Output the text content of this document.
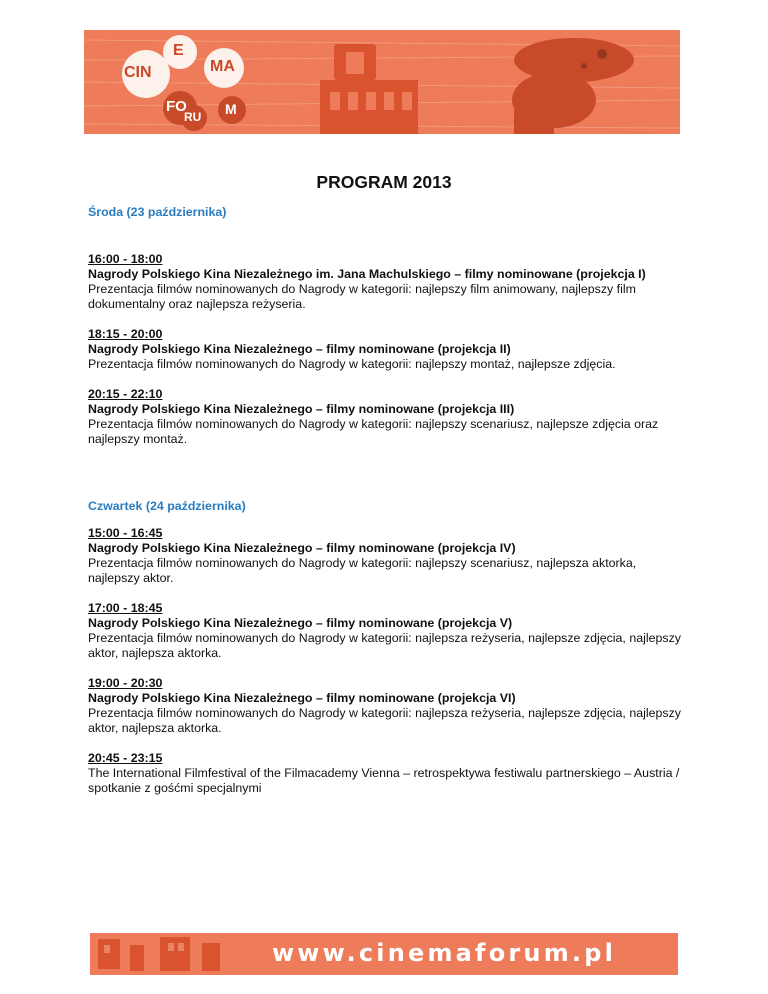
CIN
E
MA
FO
RU M
PROGRAM 2013

Środa (23 października)

16:00 - 18:00
Nagrody Polskiego Kina Niezależnego im. Jana Machulskiego – filmy nominowane (projekcja I)
Prezentacja filmów nominowanych do Nagrody w kategorii: najlepszy film animowany, najlepszy film dokumentalny oraz najlepsza reżyseria.
18:15 - 20:00
Nagrody Polskiego Kina Niezależnego – filmy nominowane (projekcja II)
Prezentacja filmów nominowanych do Nagrody w kategorii: najlepszy montaż, najlepsze zdjęcia.
20:15 - 22:10
Nagrody Polskiego Kina Niezależnego – filmy nominowane (projekcja III)
Prezentacja filmów nominowanych do Nagrody w kategorii: najlepszy scenariusz, najlepsze zdjęcia oraz najlepszy montaż.

Czwartek (24 października)

15:00 - 16:45
Nagrody Polskiego Kina Niezależnego – filmy nominowane (projekcja IV)
Prezentacja filmów nominowanych do Nagrody w kategorii: najlepszy scenariusz, najlepsza aktorka, najlepszy aktor.
17:00 - 18:45
Nagrody Polskiego Kina Niezależnego – filmy nominowane (projekcja V)
Prezentacja filmów nominowanych do Nagrody w kategorii: najlepsza reżyseria, najlepsze zdjęcia, najlepszy aktor, najlepsza aktorka.
19:00 - 20:30
Nagrody Polskiego Kina Niezależnego – filmy nominowane (projekcja VI)
Prezentacja filmów nominowanych do Nagrody w kategorii: najlepsza reżyseria, najlepsze zdjęcia, najlepszy aktor, najlepsza aktorka.
20:45 - 23:15
The International Filmfestival of the Filmacademy Vienna – retrospektywa festiwalu partnerskiego – Austria / spotkanie z gośćmi specjalnymi
www.cinemaforum.pl
